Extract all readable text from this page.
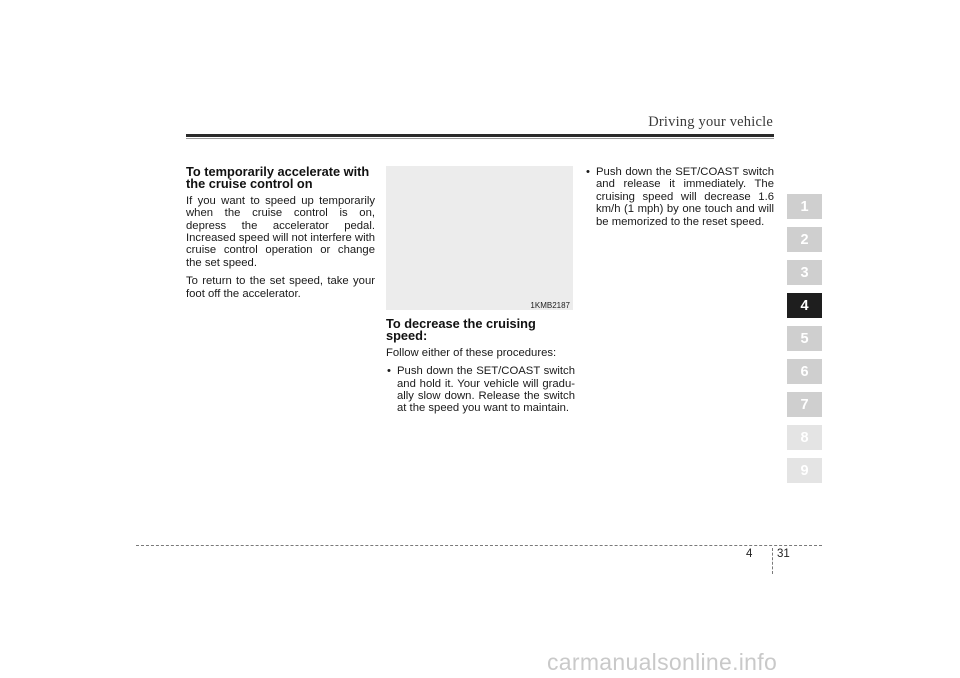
Driving your vehicle
To temporarily accelerate with the cruise control on

If you want to speed up temporarily when the cruise control is on, depress the accelerator pedal. Increased speed will not interfere with cruise control operation or change the set speed.

To return to the set speed, take your foot off the accelerator.

1KMB2187
To decrease the cruising speed:

Follow either of these procedures:

• Push down the SET/COAST switch and hold it. Your vehicle will gradu-ally slow down. Release the switch at the speed you want to maintain.
• Push down the SET/COAST switch and release it immediately. The cruising speed will decrease 1.6 km/h (1 mph) by one touch and will be memorized to the reset speed.
1
2
3
4
5
6
7
8
9
4 31
carmanualsonline.info
